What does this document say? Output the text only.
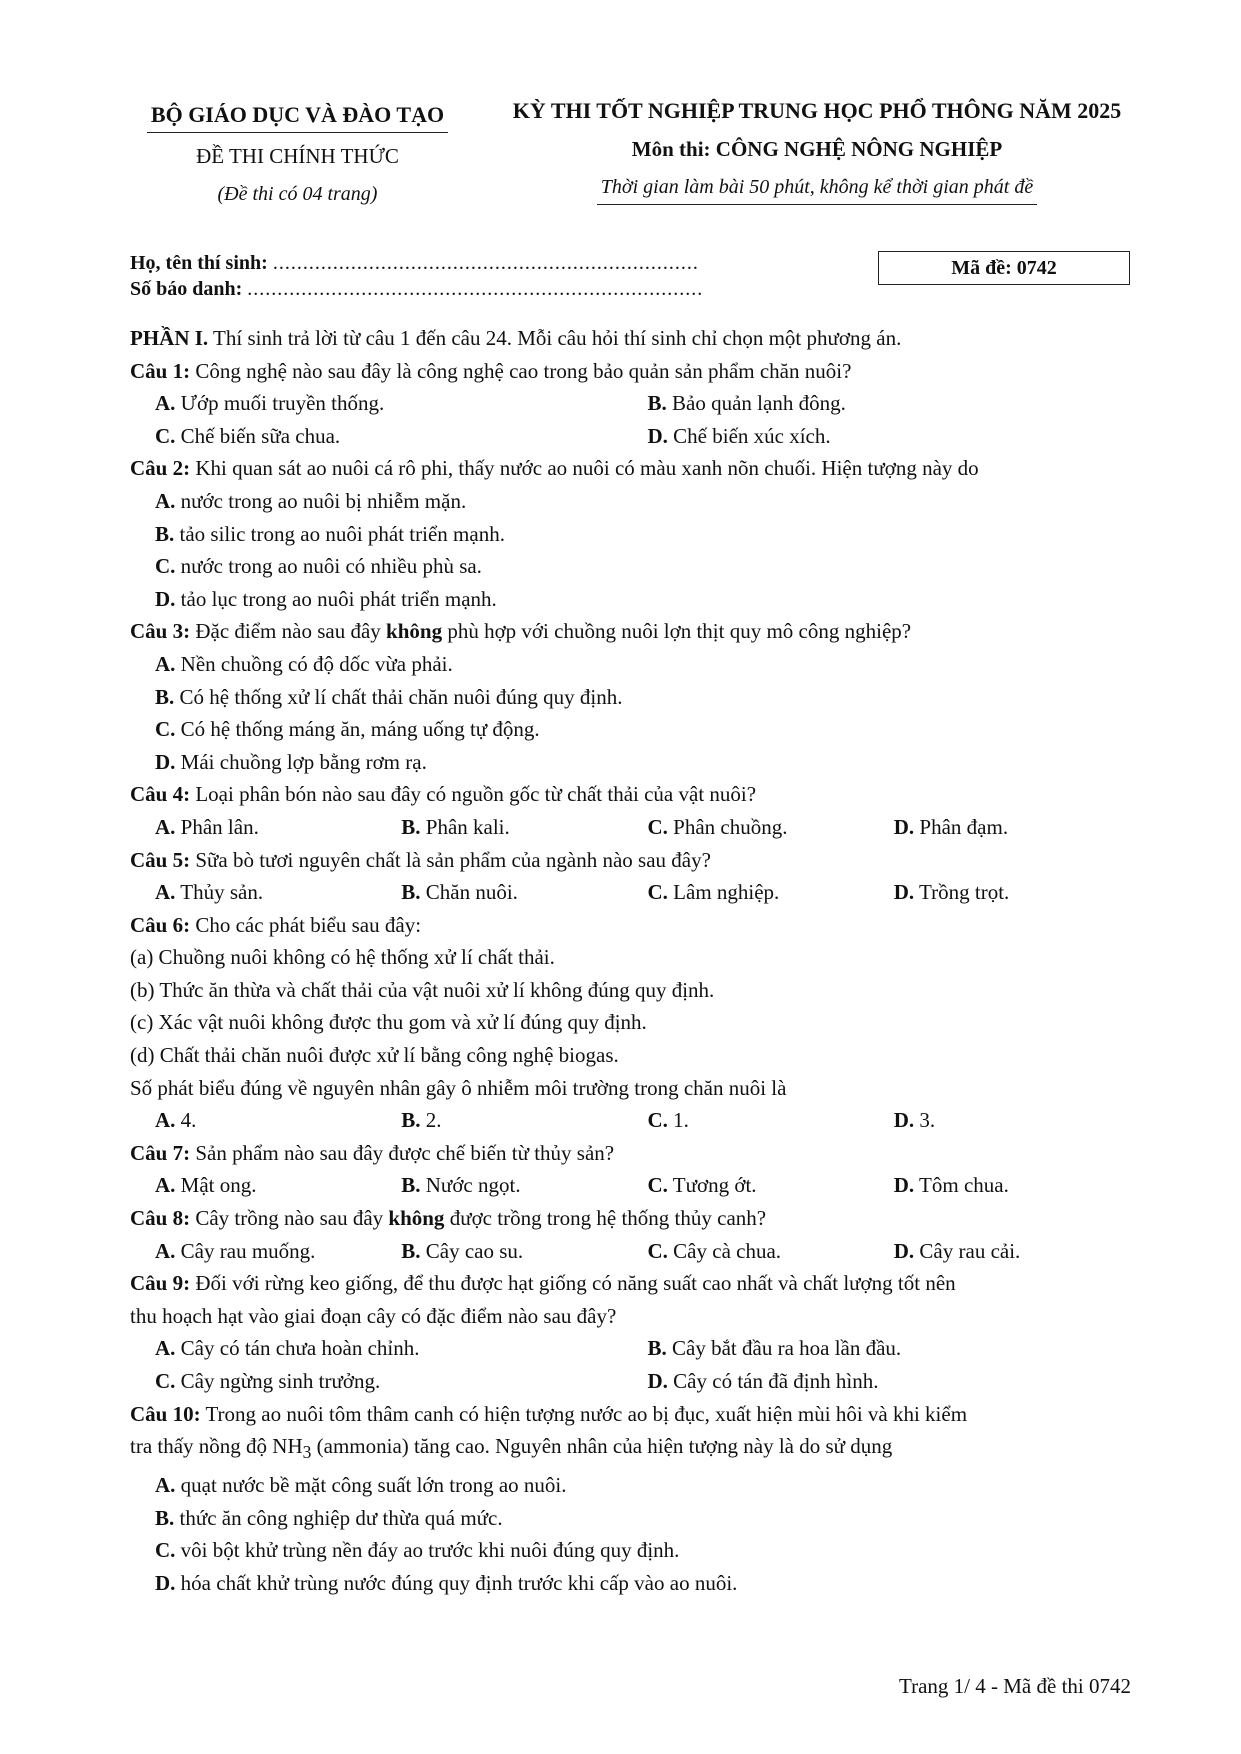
BỘ GIÁO DỤC VÀ ĐÀO TẠO
ĐỀ THI CHÍNH THỨC
(Đề thi có 04 trang)
KỲ THI TỐT NGHIỆP TRUNG HỌC PHỔ THÔNG NĂM 2025
Môn thi: CÔNG NGHỆ NÔNG NGHIỆP
Thời gian làm bài 50 phút, không kể thời gian phát đề
Họ, tên thí sinh: .......................................................................
Số báo danh: ............................................................................
Mã đề: 0742
PHẦN I. Thí sinh trả lời từ câu 1 đến câu 24. Mỗi câu hỏi thí sinh chỉ chọn một phương án.
Câu 1: Công nghệ nào sau đây là công nghệ cao trong bảo quản sản phẩm chăn nuôi?
A. Ướp muối truyền thống.	B. Bảo quản lạnh đông.
C. Chế biến sữa chua.	D. Chế biến xúc xích.
Câu 2: Khi quan sát ao nuôi cá rô phi, thấy nước ao nuôi có màu xanh nõn chuối. Hiện tượng này do
A. nước trong ao nuôi bị nhiễm mặn.
B. tảo silic trong ao nuôi phát triển mạnh.
C. nước trong ao nuôi có nhiều phù sa.
D. tảo lục trong ao nuôi phát triển mạnh.
Câu 3: Đặc điểm nào sau đây không phù hợp với chuồng nuôi lợn thịt quy mô công nghiệp?
A. Nền chuồng có độ dốc vừa phải.
B. Có hệ thống xử lí chất thải chăn nuôi đúng quy định.
C. Có hệ thống máng ăn, máng uống tự động.
D. Mái chuồng lợp bằng rơm rạ.
Câu 4: Loại phân bón nào sau đây có nguồn gốc từ chất thải của vật nuôi?
A. Phân lân.	B. Phân kali.	C. Phân chuồng.	D. Phân đạm.
Câu 5: Sữa bò tươi nguyên chất là sản phẩm của ngành nào sau đây?
A. Thủy sản.	B. Chăn nuôi.	C. Lâm nghiệp.	D. Trồng trọt.
Câu 6: Cho các phát biểu sau đây:
(a) Chuồng nuôi không có hệ thống xử lí chất thải.
(b) Thức ăn thừa và chất thải của vật nuôi xử lí không đúng quy định.
(c) Xác vật nuôi không được thu gom và xử lí đúng quy định.
(d) Chất thải chăn nuôi được xử lí bằng công nghệ biogas.
Số phát biểu đúng về nguyên nhân gây ô nhiễm môi trường trong chăn nuôi là
A. 4.	B. 2.	C. 1.	D. 3.
Câu 7: Sản phẩm nào sau đây được chế biến từ thủy sản?
A. Mật ong.	B. Nước ngọt.	C. Tương ớt.	D. Tôm chua.
Câu 8: Cây trồng nào sau đây không được trồng trong hệ thống thủy canh?
A. Cây rau muống.	B. Cây cao su.	C. Cây cà chua.	D. Cây rau cải.
Câu 9: Đối với rừng keo giống, để thu được hạt giống có năng suất cao nhất và chất lượng tốt nên
thu hoạch hạt vào giai đoạn cây có đặc điểm nào sau đây?
A. Cây có tán chưa hoàn chỉnh.	B. Cây bắt đầu ra hoa lần đầu.
C. Cây ngừng sinh trưởng.	D. Cây có tán đã định hình.
Câu 10: Trong ao nuôi tôm thâm canh có hiện tượng nước ao bị đục, xuất hiện mùi hôi và khi kiểm
tra thấy nồng độ $NH_3$ (ammonia) tăng cao. Nguyên nhân của hiện tượng này là do sử dụng
A. quạt nước bề mặt công suất lớn trong ao nuôi.
B. thức ăn công nghiệp dư thừa quá mức.
C. vôi bột khử trùng nền đáy ao trước khi nuôi đúng quy định.
D. hóa chất khử trùng nước đúng quy định trước khi cấp vào ao nuôi.
Trang 1/ 4 - Mã đề thi 0742
